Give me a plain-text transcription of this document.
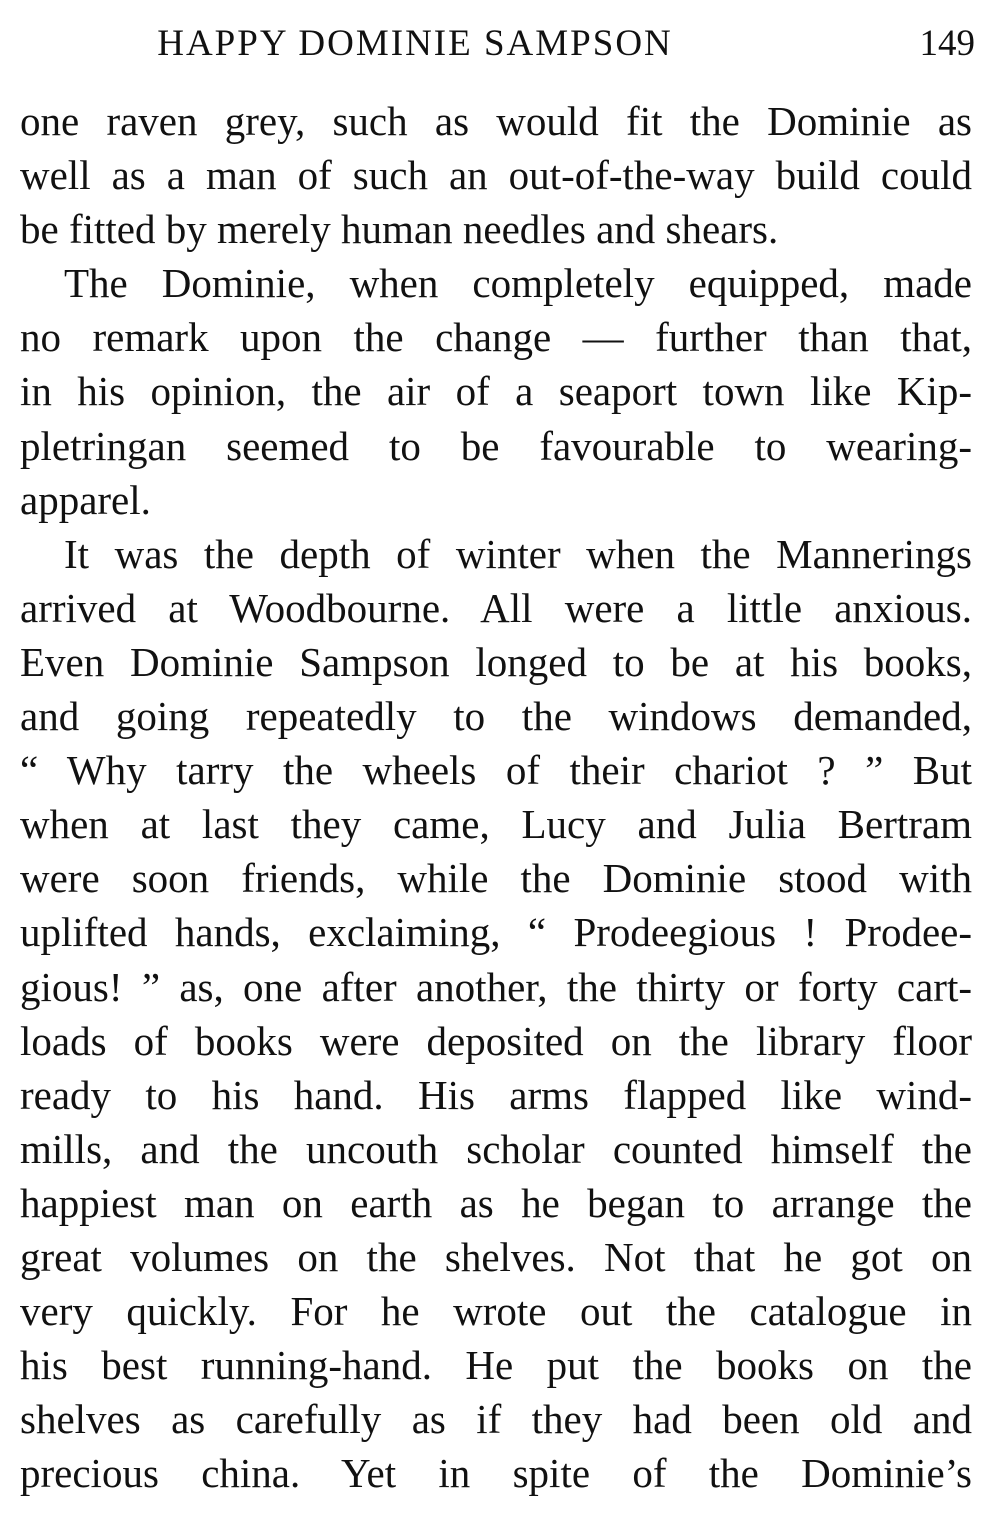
HAPPY DOMINIE SAMPSON	149
one raven grey, such as would fit the Dominie as
well as a man of such an out-of-the-way build could
be fitted by merely human needles and shears.
The Dominie, when completely equipped, made
no remark upon the change — further than that,
in his opinion, the air of a seaport town like Kip-
pletringan seemed to be favourable to wearing-
apparel.
It was the depth of winter when the Mannerings
arrived at Woodbourne. All were a little anxious.
Even Dominie Sampson longed to be at his books,
and going repeatedly to the windows demanded,
“ Why tarry the wheels of their chariot ? ” But
when at last they came, Lucy and Julia Bertram
were soon friends, while the Dominie stood with
uplifted hands, exclaiming, “ Prodeegious ! Prodee-
gious! ” as, one after another, the thirty or forty cart-
loads of books were deposited on the library floor
ready to his hand. His arms flapped like wind-
mills, and the uncouth scholar counted himself the
happiest man on earth as he began to arrange the
great volumes on the shelves. Not that he got on
very quickly. For he wrote out the catalogue in
his best running-hand. He put the books on the
shelves as carefully as if they had been old and
precious china. Yet in spite of the Dominie’s
